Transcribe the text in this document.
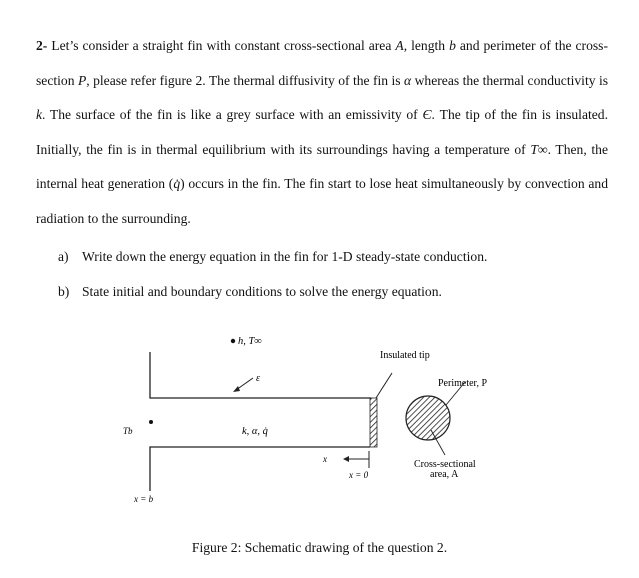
2- Let’s consider a straight fin with constant cross-sectional area A, length b and perimeter of the cross-section P, please refer figure 2. The thermal diffusivity of the fin is α whereas the thermal conductivity is k. The surface of the fin is like a grey surface with an emissivity of Є. The tip of the fin is insulated. Initially, the fin is in thermal equilibrium with its surroundings having a temperature of T∞. Then, the internal heat generation (q̇) occurs in the fin. The fin start to lose heat simultaneously by convection and radiation to the surrounding.
a) Write down the energy equation in the fin for 1-D steady-state conduction.
b) State initial and boundary conditions to solve the energy equation.
h, T∞
Insulated tip
ε	Perimeter, P
Tb	k, α, q̇
x
x = 0
Cross-sectional
area, A
x = b
Figure 2: Schematic drawing of the question 2.
